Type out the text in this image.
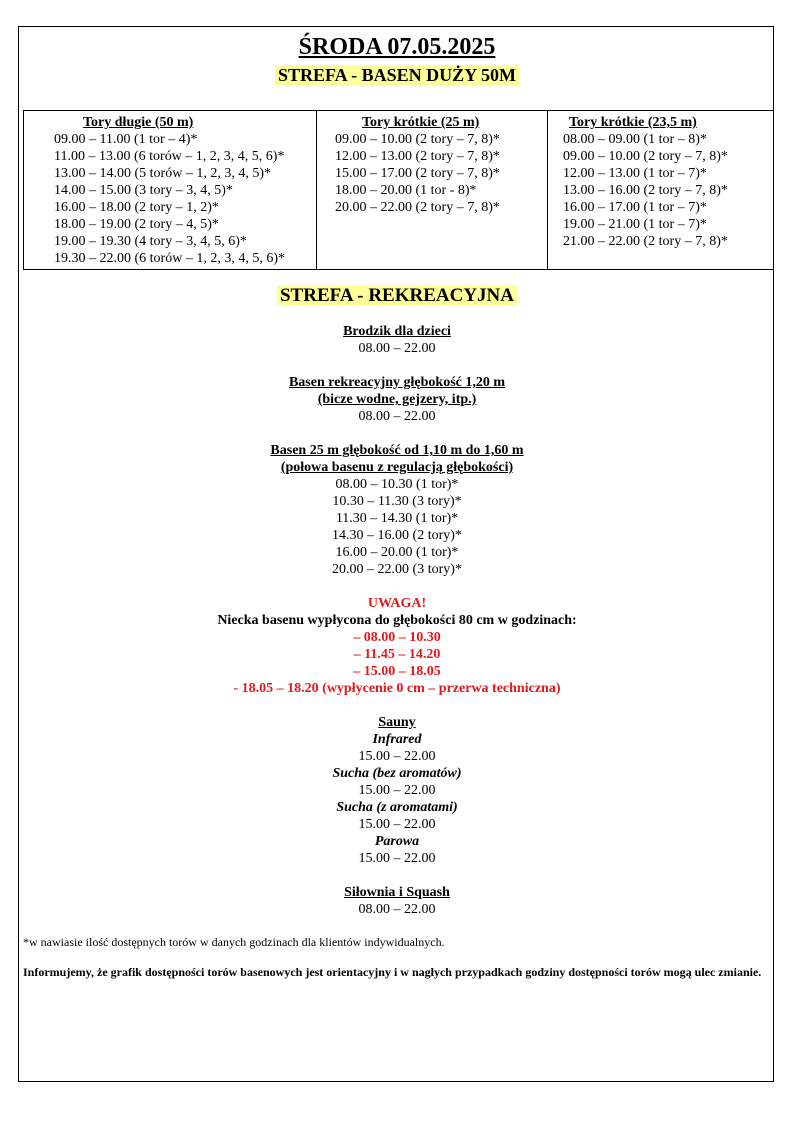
ŚRODA 07.05.2025
STREFA - BASEN DUŻY 50M
Tory długie (50 m)
09.00 – 11.00 (1 tor – 4)*
11.00 – 13.00 (6 torów – 1, 2, 3, 4, 5, 6)*
13.00 – 14.00 (5 torów – 1, 2, 3, 4, 5)*
14.00 – 15.00 (3 tory – 3, 4, 5)*
16.00 – 18.00 (2 tory – 1, 2)*
18.00 – 19.00 (2 tory – 4, 5)*
19.00 – 19.30 (4 tory – 3, 4, 5, 6)*
19.30 – 22.00 (6 torów – 1, 2, 3, 4, 5, 6)*
Tory krótkie (25 m)
09.00 – 10.00 (2 tory – 7, 8)*
12.00 – 13.00 (2 tory – 7, 8)*
15.00 – 17.00 (2 tory – 7, 8)*
18.00 – 20.00 (1 tor - 8)*
20.00 – 22.00 (2 tory – 7, 8)*
Tory krótkie (23,5 m)
08.00 – 09.00 (1 tor – 8)*
09.00 – 10.00 (2 tory – 7, 8)*
12.00 – 13.00 (1 tor – 7)*
13.00 – 16.00 (2 tory – 7, 8)*
16.00 – 17.00 (1 tor – 7)*
19.00 – 21.00 (1 tor – 7)*
21.00 – 22.00 (2 tory – 7, 8)*
STREFA - REKREACYJNA
Brodzik dla dzieci
08.00 – 22.00
Basen rekreacyjny głębokość 1,20 m
(bicze wodne, gejzery, itp.)
08.00 – 22.00
Basen 25 m głębokość od 1,10 m do 1,60 m
(połowa basenu z regulacją głębokości)
08.00 – 10.30 (1 tor)*
10.30 – 11.30 (3 tory)*
11.30 – 14.30 (1 tor)*
14.30 – 16.00 (2 tory)*
16.00 – 20.00 (1 tor)*
20.00 – 22.00 (3 tory)*
UWAGA!
Niecka basenu wypłycona do głębokości 80 cm w godzinach:
– 08.00 – 10.30
– 11.45 – 14.20
– 15.00 – 18.05
- 18.05 – 18.20 (wypłycenie 0 cm – przerwa techniczna)
Sauny
Infrared
15.00 – 22.00
Sucha (bez aromatów)
15.00 – 22.00
Sucha (z aromatami)
15.00 – 22.00
Parowa
15.00 – 22.00
Siłownia i Squash
08.00 – 22.00
*w nawiasie ilość dostępnych torów w danych godzinach dla klientów indywidualnych.
Informujemy, że grafik dostępności torów basenowych jest orientacyjny i w nagłych przypadkach godziny dostępności torów mogą ulec zmianie.
